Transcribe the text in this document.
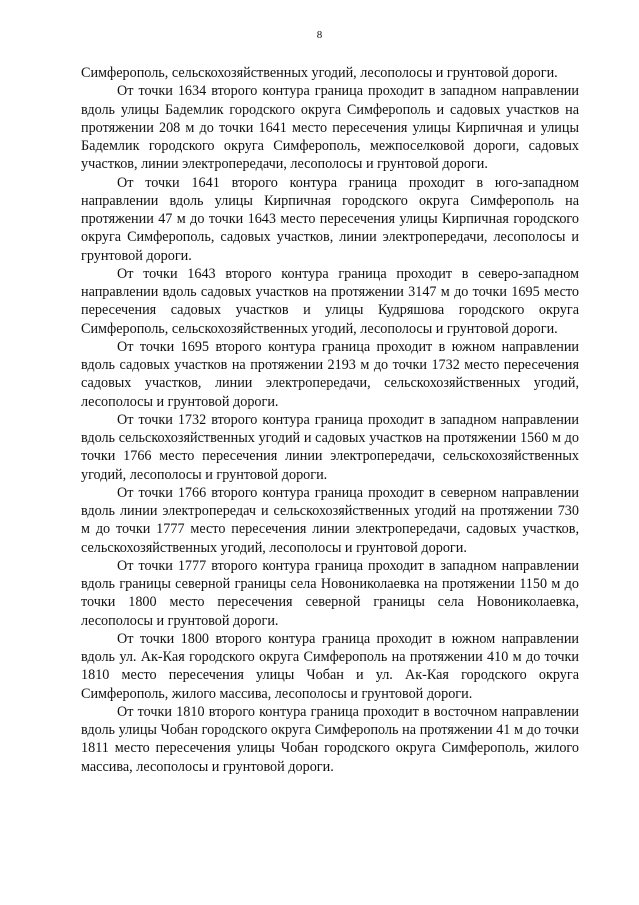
8

Симферополь, сельскохозяйственных угодий, лесополосы и грунтовой дороги.

От точки 1634 второго контура граница проходит в западном направлении вдоль улицы Бадемлик городского округа Симферополь и садовых участков на протяжении 208 м до точки 1641 место пересечения улицы Кирпичная и улицы Бадемлик городского округа Симферополь, межпоселковой дороги, садовых участков, линии электропередачи, лесополосы и грунтовой дороги.

От точки 1641 второго контура граница проходит в юго-западном направлении вдоль улицы Кирпичная городского округа Симферополь на протяжении 47 м до точки 1643 место пересечения улицы Кирпичная городского округа Симферополь, садовых участков, линии электропередачи, лесополосы и грунтовой дороги.

От точки 1643 второго контура граница проходит в северо-западном направлении вдоль садовых участков на протяжении 3147 м до точки 1695 место пересечения садовых участков и улицы Кудряшова городского округа Симферополь, сельскохозяйственных угодий, лесополосы и грунтовой дороги.

От точки 1695 второго контура граница проходит в южном направлении вдоль садовых участков на протяжении 2193 м до точки 1732 место пересечения садовых участков, линии электропередачи, сельскохозяйственных угодий, лесополосы и грунтовой дороги.

От точки 1732 второго контура граница проходит в западном направлении вдоль сельскохозяйственных угодий и садовых участков на протяжении 1560 м до точки 1766 место пересечения линии электропередачи, сельскохозяйственных угодий, лесополосы и грунтовой дороги.

От точки 1766 второго контура граница проходит в северном направлении вдоль линии электропередач и сельскохозяйственных угодий на протяжении 730 м до точки 1777 место пересечения линии электропередачи, садовых участков, сельскохозяйственных угодий, лесополосы и грунтовой дороги.

От точки 1777 второго контура граница проходит в западном направлении вдоль границы северной границы села Новониколаевка на протяжении 1150 м до точки 1800 место пересечения северной границы села Новониколаевка, лесополосы и грунтовой дороги.

От точки 1800 второго контура граница проходит в южном направлении вдоль ул. Ак-Кая городского округа Симферополь на протяжении 410 м до точки 1810 место пересечения улицы Чобан и ул. Ак-Кая городского округа Симферополь, жилого массива, лесополосы и грунтовой дороги.

От точки 1810 второго контура граница проходит в восточном направлении вдоль улицы Чобан городского округа Симферополь на протяжении 41 м до точки 1811 место пересечения улицы Чобан городского округа Симферополь, жилого массива, лесополосы и грунтовой дороги.
